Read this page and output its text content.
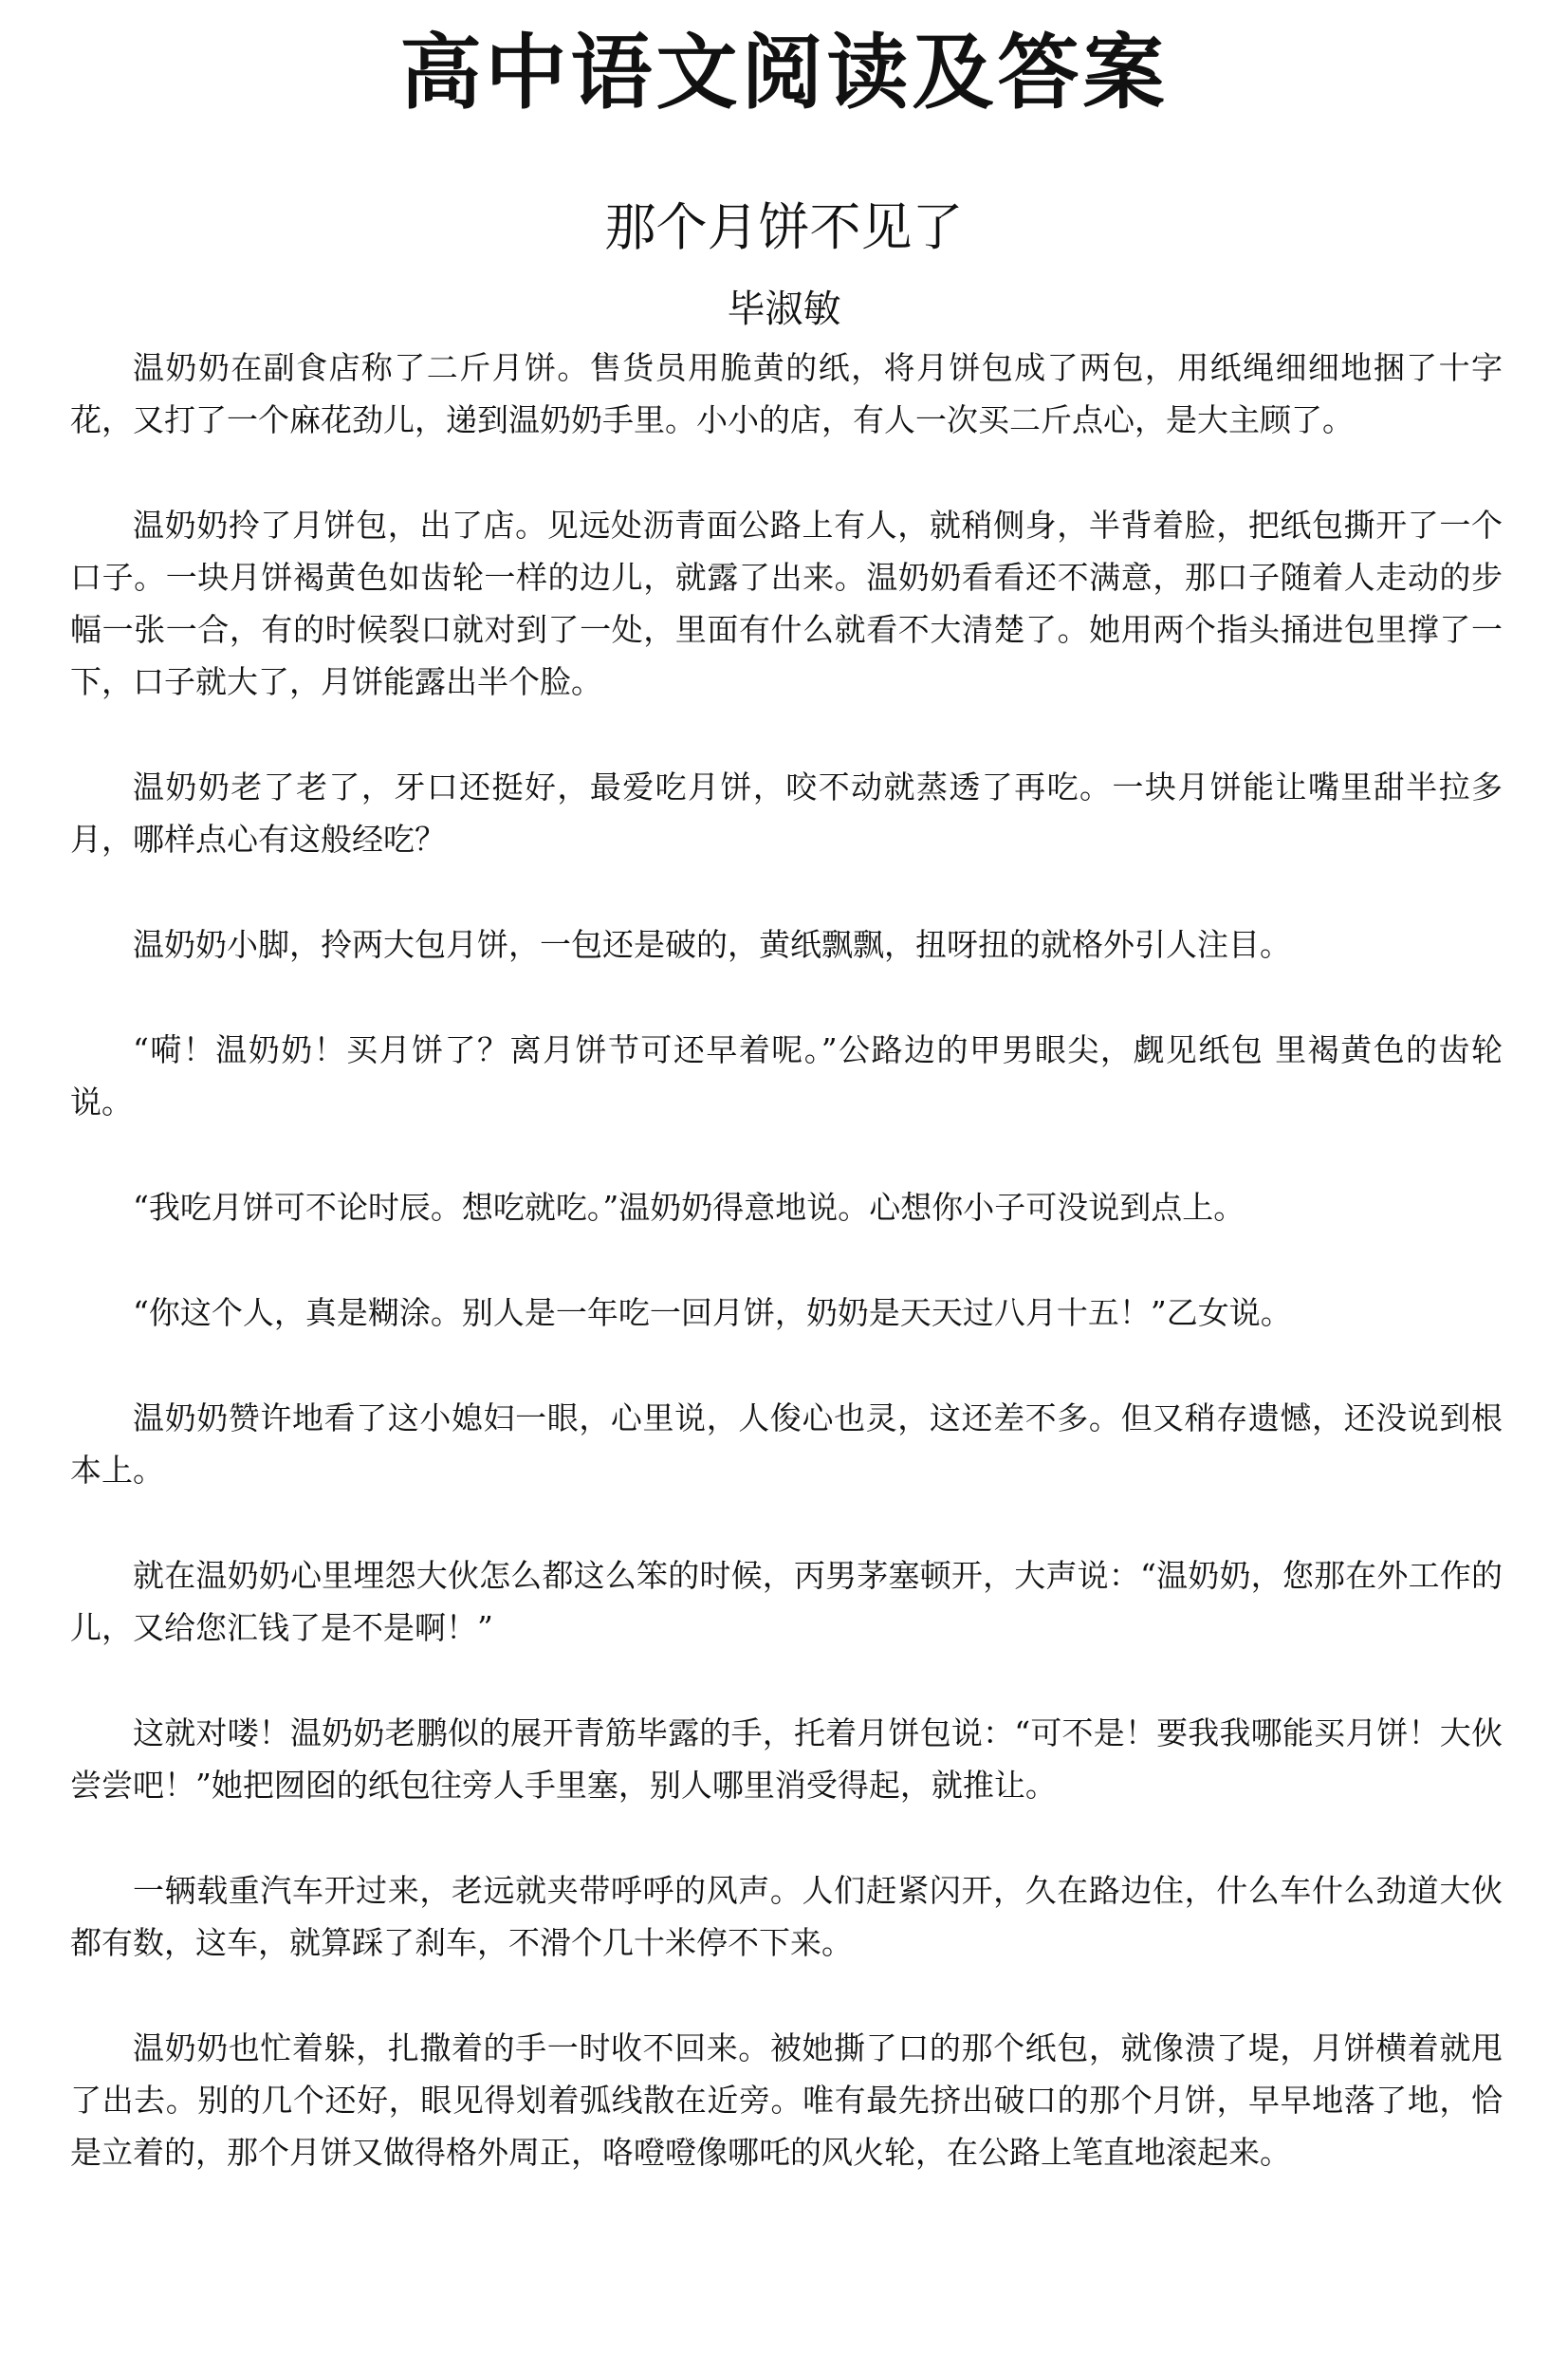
高中语文阅读及答案
那个月饼不见了
毕淑敏

温奶奶在副食店称了二斤月饼。售货员用脆黄的纸，将月饼包成了两包，用纸绳细细地捆了十字花，又打了一个麻花劲儿，递到温奶奶手里。小小的店，有人一次买二斤点心，是大主顾了。

温奶奶拎了月饼包，出了店。见远处沥青面公路上有人，就稍侧身，半背着脸，把纸包撕开了一个口子。一块月饼褐黄色如齿轮一样的边儿，就露了出来。温奶奶看看还不满意，那口子随着人走动的步幅一张一合，有的时候裂口就对到了一处，里面有什么就看不大清楚了。她用两个指头捅进包里撑了一下，口子就大了，月饼能露出半个脸。

温奶奶老了老了，牙口还挺好，最爱吃月饼，咬不动就蒸透了再吃。一块月饼能让嘴里甜半拉多月，哪样点心有这般经吃？

温奶奶小脚，拎两大包月饼，一包还是破的，黄纸飘飘，扭呀扭的就格外引人注目。

“嗬！温奶奶！买月饼了？离月饼节可还早着呢。”公路边的甲男眼尖，觑见纸包 里褐黄色的齿轮说。

“我吃月饼可不论时辰。想吃就吃。”温奶奶得意地说。心想你小子可没说到点上。

“你这个人，真是糊涂。别人是一年吃一回月饼，奶奶是天天过八月十五！”乙女说。

温奶奶赞许地看了这小媳妇一眼，心里说，人俊心也灵，这还差不多。但又稍存遗憾，还没说到根本上。

就在温奶奶心里埋怨大伙怎么都这么笨的时候，丙男茅塞顿开，大声说：“温奶奶，您那在外工作的儿，又给您汇钱了是不是啊！”

这就对喽！温奶奶老鹏似的展开青筋毕露的手，托着月饼包说：“可不是！要我我哪能买月饼！大伙尝尝吧！”她把囫囵的纸包往旁人手里塞，别人哪里消受得起，就推让。

一辆载重汽车开过来，老远就夹带呼呼的风声。人们赶紧闪开，久在路边住，什么车什么劲道大伙都有数，这车，就算踩了刹车，不滑个几十米停不下来。

温奶奶也忙着躲，扎撒着的手一时收不回来。被她撕了口的那个纸包，就像溃了堤，月饼横着就甩了出去。别的几个还好，眼见得划着弧线散在近旁。唯有最先挤出破口的那个月饼，早早地落了地，恰是立着的，那个月饼又做得格外周正，咯噔噔像哪吒的风火轮，在公路上笔直地滚起来。
